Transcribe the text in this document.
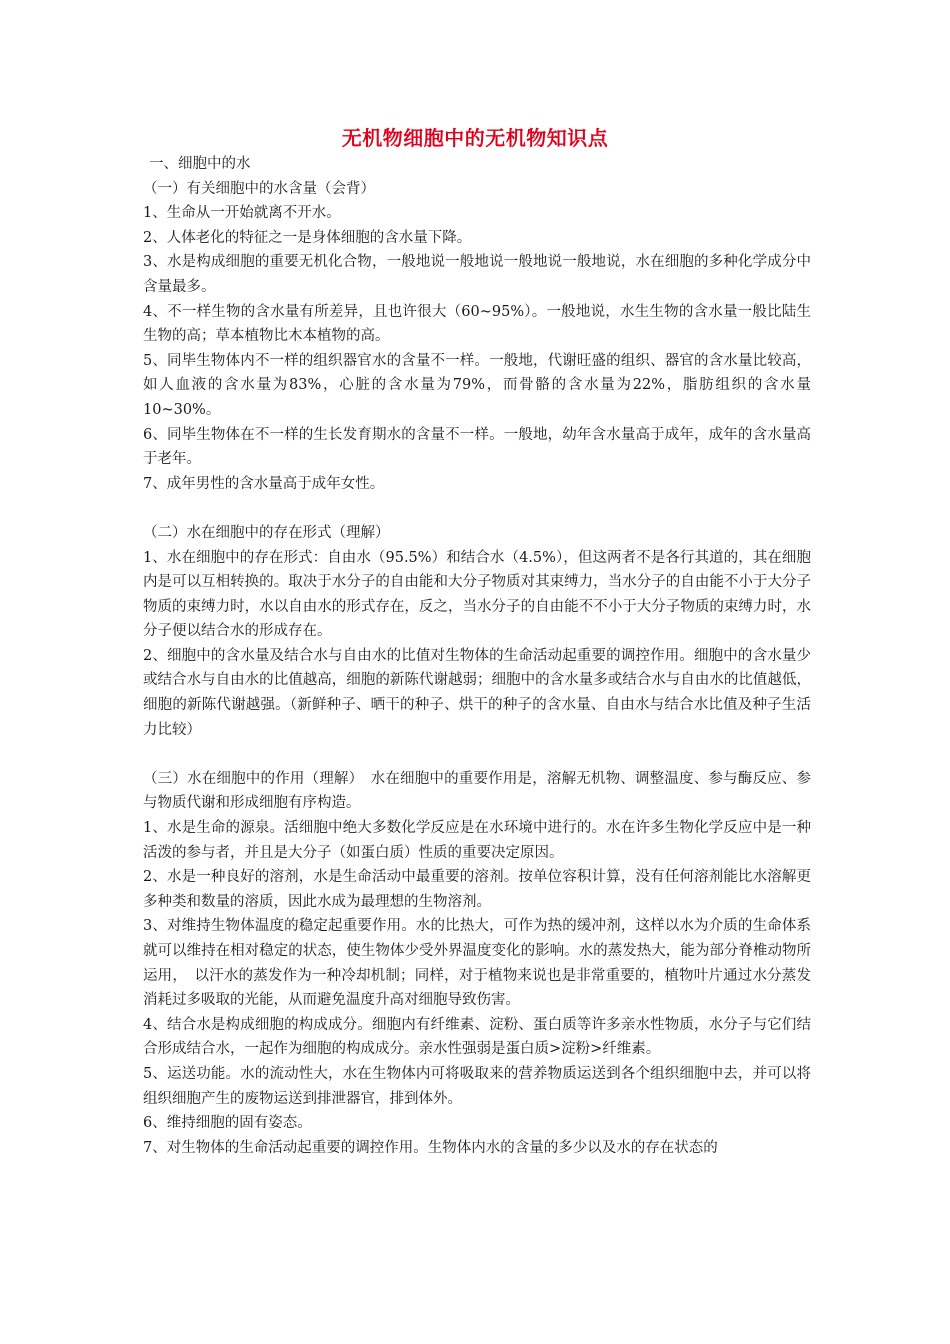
无机物细胞中的无机物知识点

一、细胞中的水

（一）有关细胞中的水含量（会背）

1、生命从一开始就离不开水。

2、人体老化的特征之一是身体细胞的含水量下降。

3、水是构成细胞的重要无机化合物，一般地说一般地说一般地说一般地说，水在细胞的多种化学成分中含量最多。

4、不一样生物的含水量有所差异，且也许很大（60~95%）。一般地说，水生生物的含水量一般比陆生生物的高；草本植物比木本植物的高。

5、同毕生物体内不一样的组织器官水的含量不一样。一般地，代谢旺盛的组织、器官的含水量比较高，如人血液的含水量为83%，心脏的含水量为79%，而骨骼的含水量为22%，脂肪组织的含水量10~30%。

6、同毕生物体在不一样的生长发育期水的含量不一样。一般地，幼年含水量高于成年，成年的含水量高于老年。

7、成年男性的含水量高于成年女性。

（二）水在细胞中的存在形式（理解）

1、水在细胞中的存在形式：自由水（95.5%）和结合水（4.5%），但这两者不是各行其道的，其在细胞内是可以互相转换的。取决于水分子的自由能和大分子物质对其束缚力，当水分子的自由能不小于大分子物质的束缚力时，水以自由水的形式存在，反之，当水分子的自由能不不小于大分子物质的束缚力时，水分子便以结合水的形成存在。

2、细胞中的含水量及结合水与自由水的比值对生物体的生命活动起重要的调控作用。细胞中的含水量少或结合水与自由水的比值越高，细胞的新陈代谢越弱；细胞中的含水量多或结合水与自由水的比值越低，细胞的新陈代谢越强。（新鲜种子、晒干的种子、烘干的种子的含水量、自由水与结合水比值及种子生活力比较）

（三）水在细胞中的作用（理解）　水在细胞中的重要作用是，溶解无机物、调整温度、参与酶反应、参与物质代谢和形成细胞有序构造。

1、水是生命的源泉。活细胞中绝大多数化学反应是在水环境中进行的。水在许多生物化学反应中是一种活泼的参与者，并且是大分子（如蛋白质）性质的重要决定原因。

2、水是一种良好的溶剂，水是生命活动中最重要的溶剂。按单位容积计算，没有任何溶剂能比水溶解更多种类和数量的溶质，因此水成为最理想的生物溶剂。

3、对维持生物体温度的稳定起重要作用。水的比热大，可作为热的缓冲剂，这样以水为介质的生命体系就可以维持在相对稳定的状态，使生物体少受外界温度变化的影响。水的蒸发热大，能为部分脊椎动物所运用，　以汗水的蒸发作为一种冷却机制；同样，对于植物来说也是非常重要的，植物叶片通过水分蒸发消耗过多吸取的光能，从而避免温度升高对细胞导致伤害。

4、结合水是构成细胞的构成成分。细胞内有纤维素、淀粉、蛋白质等许多亲水性物质，水分子与它们结合形成结合水，一起作为细胞的构成成分。亲水性强弱是蛋白质>淀粉>纤维素。

5、运送功能。水的流动性大，水在生物体内可将吸取来的营养物质运送到各个组织细胞中去，并可以将组织细胞产生的废物运送到排泄器官，排到体外。

6、维持细胞的固有姿态。

7、对生物体的生命活动起重要的调控作用。生物体内水的含量的多少以及水的存在状态的
